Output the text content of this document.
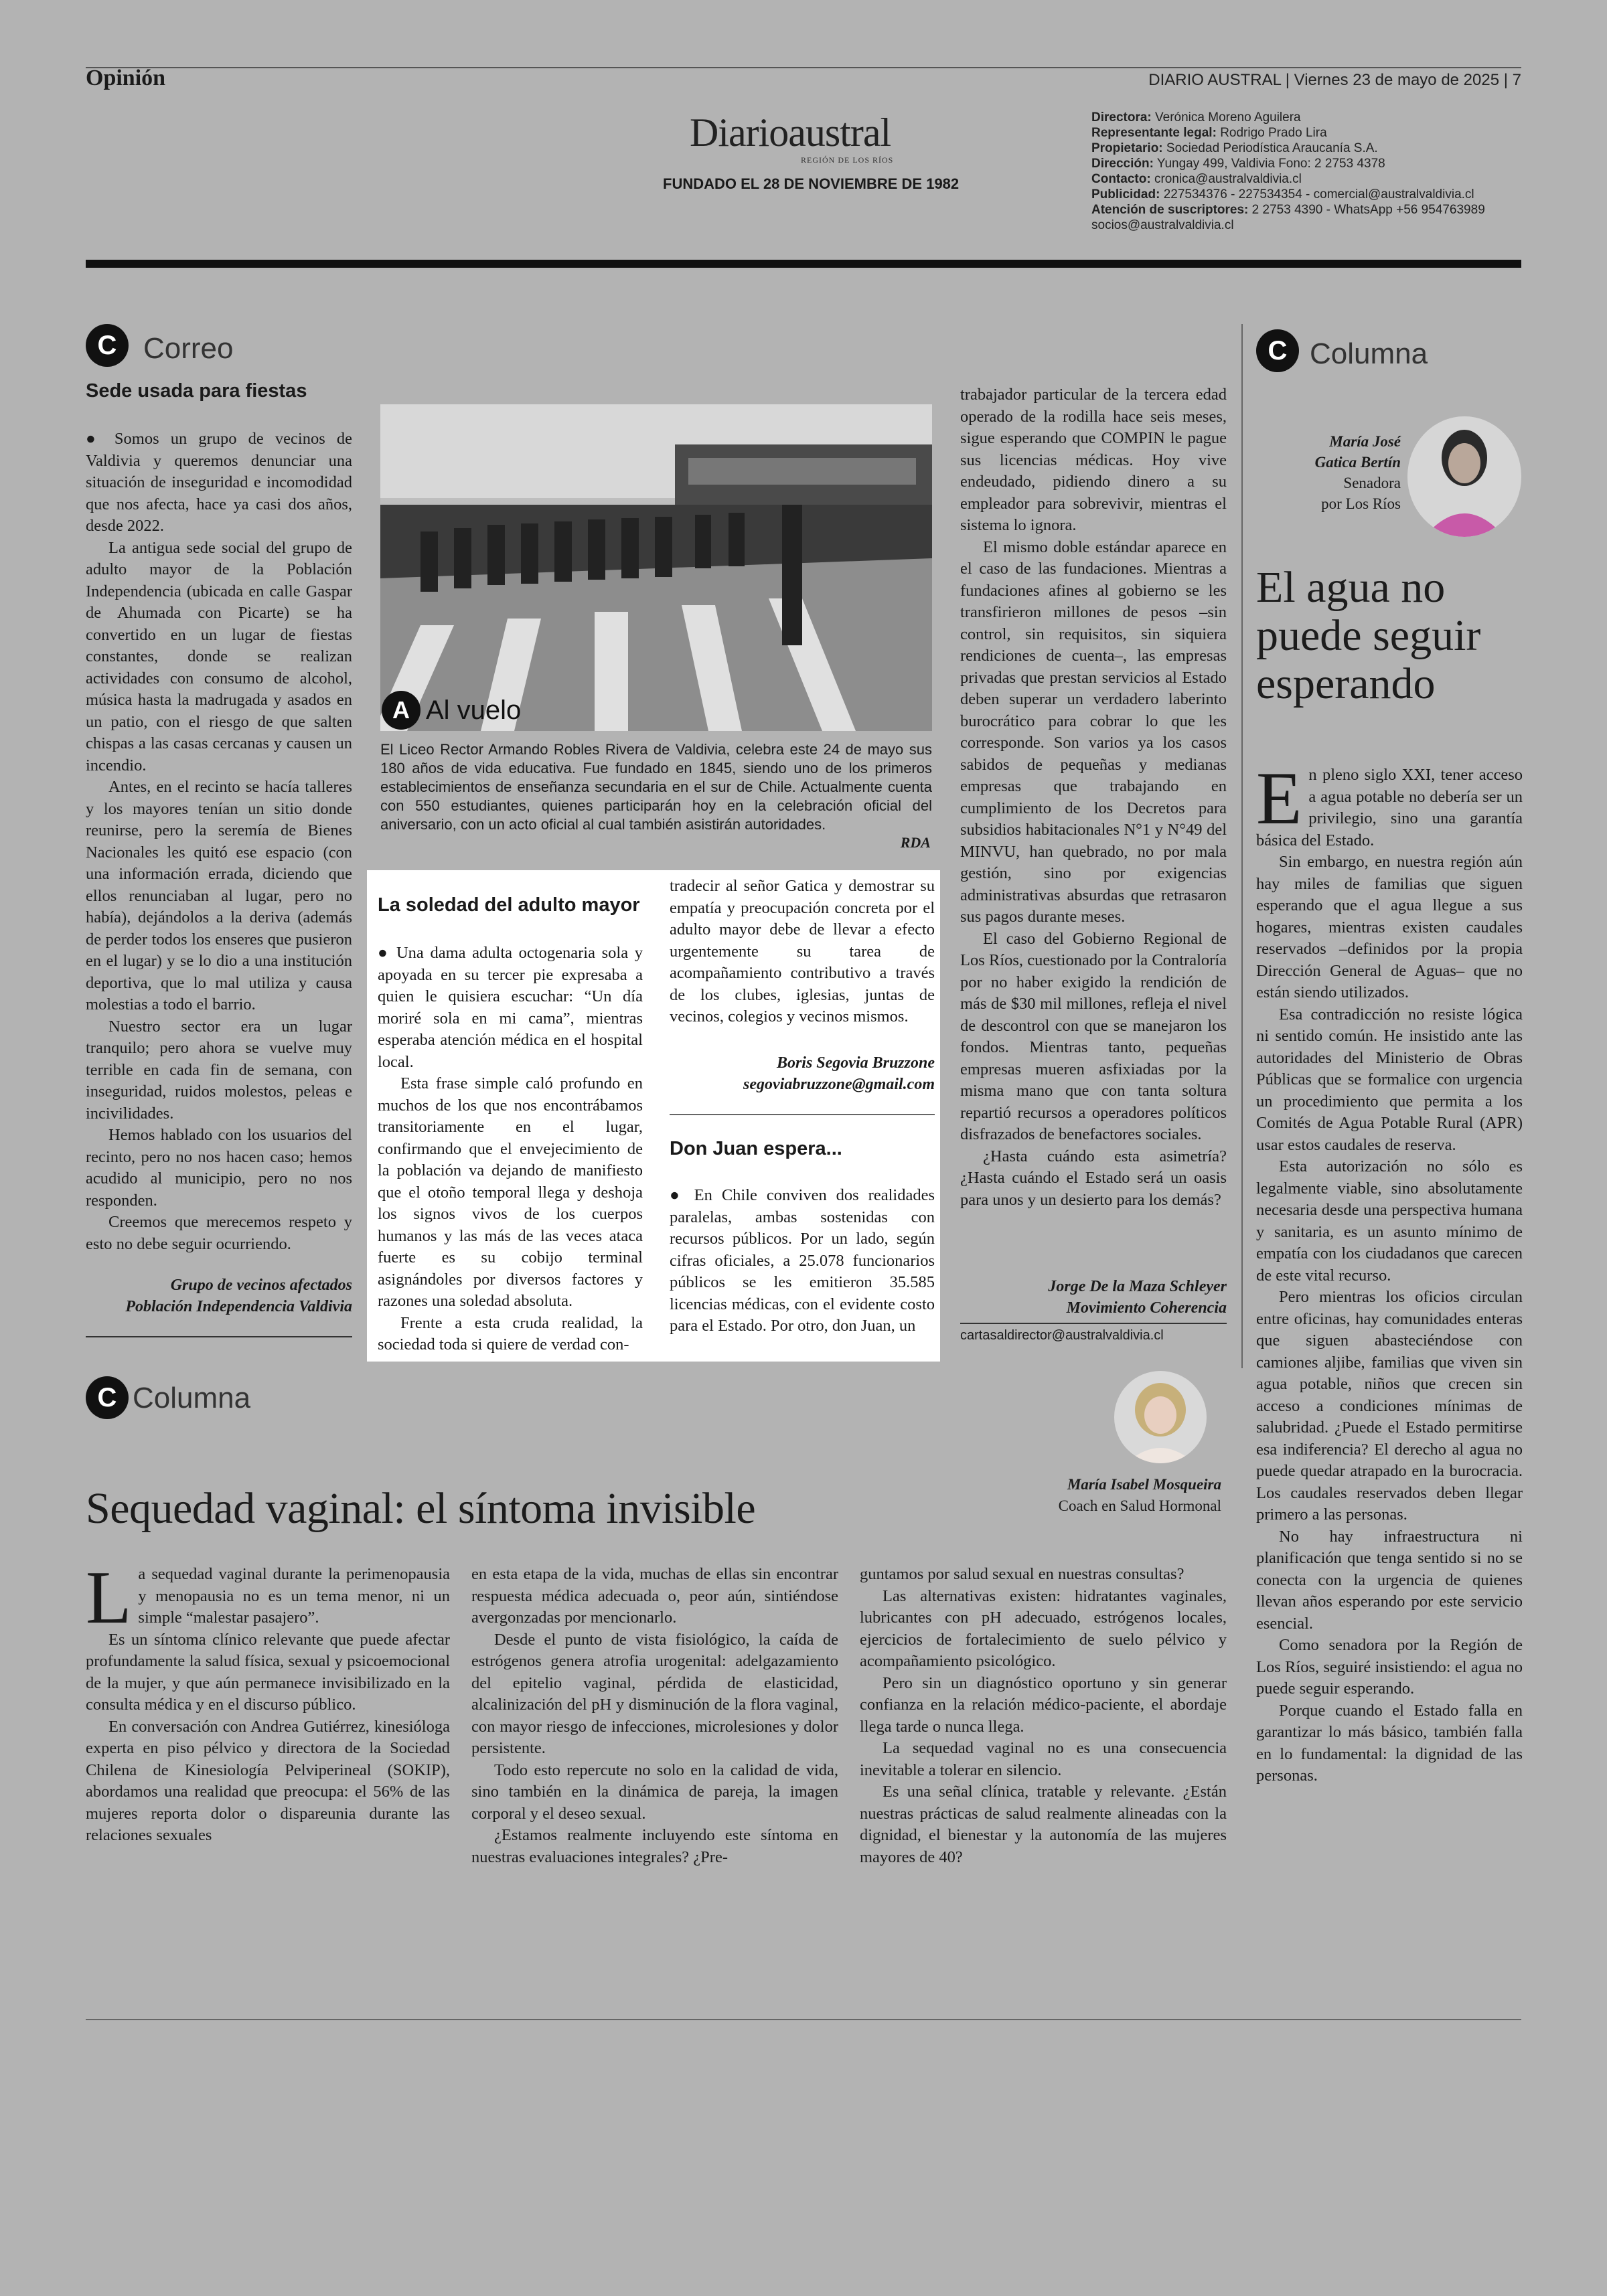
Opinión	DIARIO AUSTRAL | Viernes 23 de mayo de 2025 | 7
Diarioaustral
REGIÓN DE LOS RÍOS
FUNDADO EL 28 DE NOVIEMBRE DE 1982
Directora: Verónica Moreno Aguilera
Representante legal: Rodrigo Prado Lira
Propietario: Sociedad Periodística Araucanía S.A.
Dirección: Yungay 499, Valdivia Fono: 2 2753 4378
Contacto: cronica@australvaldivia.cl
Publicidad: 227534376 - 227534354 - comercial@australvaldivia.cl
Atención de suscriptores: 2 2753 4390 - WhatsApp +56 954763989
socios@australvaldivia.cl
C Correo
Sede usada para fiestas

● Somos un grupo de vecinos de Valdivia y queremos denunciar una situación de inseguridad e incomodidad que nos afecta, hace ya casi dos años, desde 2022.

La antigua sede social del grupo de adulto mayor de la Población Independencia (ubicada en calle Gaspar de Ahumada con Picarte) se ha convertido en un lugar de fiestas constantes, donde se realizan actividades con consumo de alcohol, música hasta la madrugada y asados en un patio, con el riesgo de que salten chispas a las casas cercanas y causen un incendio.

Antes, en el recinto se hacía talleres y los mayores tenían un sitio donde reunirse, pero la seremía de Bienes Nacionales les quitó ese espacio (con una información errada, diciendo que ellos renunciaban al lugar, pero no había), dejándolos a la deriva (además de perder todos los enseres que pusieron en el lugar) y se lo dio a una institución deportiva, que lo mal utiliza y causa molestias a todo el barrio.

Nuestro sector era un lugar tranquilo; pero ahora se vuelve muy terrible en cada fin de semana, con inseguridad, ruidos molestos, peleas e incivilidades.

Hemos hablado con los usuarios del recinto, pero no nos hacen caso; hemos acudido al municipio, pero no nos responden.

Creemos que merecemos respeto y esto no debe seguir ocurriendo.

Grupo de vecinos afectados
Población Independencia Valdivia
A Al vuelo
El Liceo Rector Armando Robles Rivera de Valdivia, celebra este 24 de mayo sus 180 años de vida educativa. Fue fundado en 1845, siendo uno de los primeros establecimientos de enseñanza secundaria en el sur de Chile. Actualmente cuenta con 550 estudiantes, quienes participarán hoy en la celebración oficial del aniversario, con un acto oficial al cual también asistirán autoridades.
RDA
La soledad del adulto mayor

● Una dama adulta octogenaria sola y apoyada en su tercer pie expresaba a quien le quisiera escuchar: “Un día moriré sola en mi cama”, mientras esperaba atención médica en el hospital local.

Esta frase simple caló profundo en muchos de los que nos encontrábamos transitoriamente en el lugar, confirmando que el envejecimiento de la población va dejando de manifiesto que el otoño temporal llega y deshoja los signos vivos de los cuerpos humanos y las más de las veces ataca fuerte es su cobijo terminal asignándoles por diversos factores y razones una soledad absoluta.

Frente a esta cruda realidad, la sociedad toda si quiere de verdad con-

tradecir al señor Gatica y demostrar su empatía y preocupación concreta por el adulto mayor debe de llevar a efecto urgentemente su tarea de acompañamiento contributivo a través de los clubes, iglesias, juntas de vecinos, colegios y vecinos mismos.

Boris Segovia Bruzzone
segoviabruzzone@gmail.com
Don Juan espera...

● En Chile conviven dos realidades paralelas, ambas sostenidas con recursos públicos. Por un lado, según cifras oficiales, a 25.078 funcionarios públicos se les emitieron 35.585 licencias médicas, con el evidente costo para el Estado. Por otro, don Juan, un

trabajador particular de la tercera edad operado de la rodilla hace seis meses, sigue esperando que COMPIN le pague sus licencias médicas. Hoy vive endeudado, pidiendo dinero a su empleador para sobrevivir, mientras el sistema lo ignora.

El mismo doble estándar aparece en el caso de las fundaciones. Mientras a fundaciones afines al gobierno se les transfirieron millones de pesos –sin control, sin requisitos, sin siquiera rendiciones de cuenta–, las empresas privadas que prestan servicios al Estado deben superar un verdadero laberinto burocrático para cobrar lo que les corresponde. Son varios ya los casos sabidos de pequeñas y medianas empresas que trabajando en cumplimiento de los Decretos para subsidios habitacionales N°1 y N°49 del MINVU, han quebrado, no por mala gestión, sino por exigencias administrativas absurdas que retrasaron sus pagos durante meses.

El caso del Gobierno Regional de Los Ríos, cuestionado por la Contraloría por no haber exigido la rendición de más de $30 mil millones, refleja el nivel de descontrol con que se manejaron los fondos. Mientras tanto, pequeñas empresas mueren asfixiadas por la misma mano que con tanta soltura repartió recursos a operadores políticos disfrazados de benefactores sociales.

¿Hasta cuándo esta asimetría? ¿Hasta cuándo el Estado será un oasis para unos y un desierto para los demás?

Jorge De la Maza Schleyer
Movimiento Coherencia
cartasaldirector@australvaldivia.cl
C Columna
María José
Gatica Bertín
Senadora
por Los Ríos
El agua no
puede seguir
esperando

En pleno siglo XXI, tener acceso a agua potable no debería ser un privilegio, sino una garantía básica del Estado.

Sin embargo, en nuestra región aún hay miles de familias que siguen esperando que el agua llegue a sus hogares, mientras existen caudales reservados –definidos por la propia Dirección General de Aguas– que no están siendo utilizados.

Esa contradicción no resiste lógica ni sentido común. He insistido ante las autoridades del Ministerio de Obras Públicas que se formalice con urgencia un procedimiento que permita a los Comités de Agua Potable Rural (APR) usar estos caudales de reserva.

Esta autorización no sólo es legalmente viable, sino absolutamente necesaria desde una perspectiva humana y sanitaria, es un asunto mínimo de empatía con los ciudadanos que carecen de este vital recurso.

Pero mientras los oficios circulan entre oficinas, hay comunidades enteras que siguen abasteciéndose con camiones aljibe, familias que viven sin agua potable, niños que crecen sin acceso a condiciones mínimas de salubridad. ¿Puede el Estado permitirse esa indiferencia? El derecho al agua no puede quedar atrapado en la burocracia. Los caudales reservados deben llegar primero a las personas.

No hay infraestructura ni planificación que tenga sentido si no se conecta con la urgencia de quienes llevan años esperando por este servicio esencial.

Como senadora por la Región de Los Ríos, seguiré insistiendo: el agua no puede seguir esperando.

Porque cuando el Estado falla en garantizar lo más básico, también falla en lo fundamental: la dignidad de las personas.

C Columna
María Isabel Mosqueira
Coach en Salud Hormonal
Sequedad vaginal: el síntoma invisible

La sequedad vaginal durante la perimenopausia y menopausia no es un tema menor, ni un simple “malestar pasajero”.

Es un síntoma clínico relevante que puede afectar profundamente la salud física, sexual y psicoemocional de la mujer, y que aún permanece invisibilizado en la consulta médica y en el discurso público.

En conversación con Andrea Gutiérrez, kinesióloga experta en piso pélvico y directora de la Sociedad Chilena de Kinesiología Pelviperineal (SOKIP), abordamos una realidad que preocupa: el 56% de las mujeres reporta dolor o dispareunia durante las relaciones sexuales

en esta etapa de la vida, muchas de ellas sin encontrar respuesta médica adecuada o, peor aún, sintiéndose avergonzadas por mencionarlo.

Desde el punto de vista fisiológico, la caída de estrógenos genera atrofia urogenital: adelgazamiento del epitelio vaginal, pérdida de elasticidad, alcalinización del pH y disminución de la flora vaginal, con mayor riesgo de infecciones, microlesiones y dolor persistente.

Todo esto repercute no solo en la calidad de vida, sino también en la dinámica de pareja, la imagen corporal y el deseo sexual.

¿Estamos realmente incluyendo este síntoma en nuestras evaluaciones integrales? ¿Pre-

guntamos por salud sexual en nuestras consultas?

Las alternativas existen: hidratantes vaginales, lubricantes con pH adecuado, estrógenos locales, ejercicios de fortalecimiento de suelo pélvico y acompañamiento psicológico.

Pero sin un diagnóstico oportuno y sin generar confianza en la relación médico-paciente, el abordaje llega tarde o nunca llega.

La sequedad vaginal no es una consecuencia inevitable a tolerar en silencio.

Es una señal clínica, tratable y relevante. ¿Están nuestras prácticas de salud realmente alineadas con la dignidad, el bienestar y la autonomía de las mujeres mayores de 40?
